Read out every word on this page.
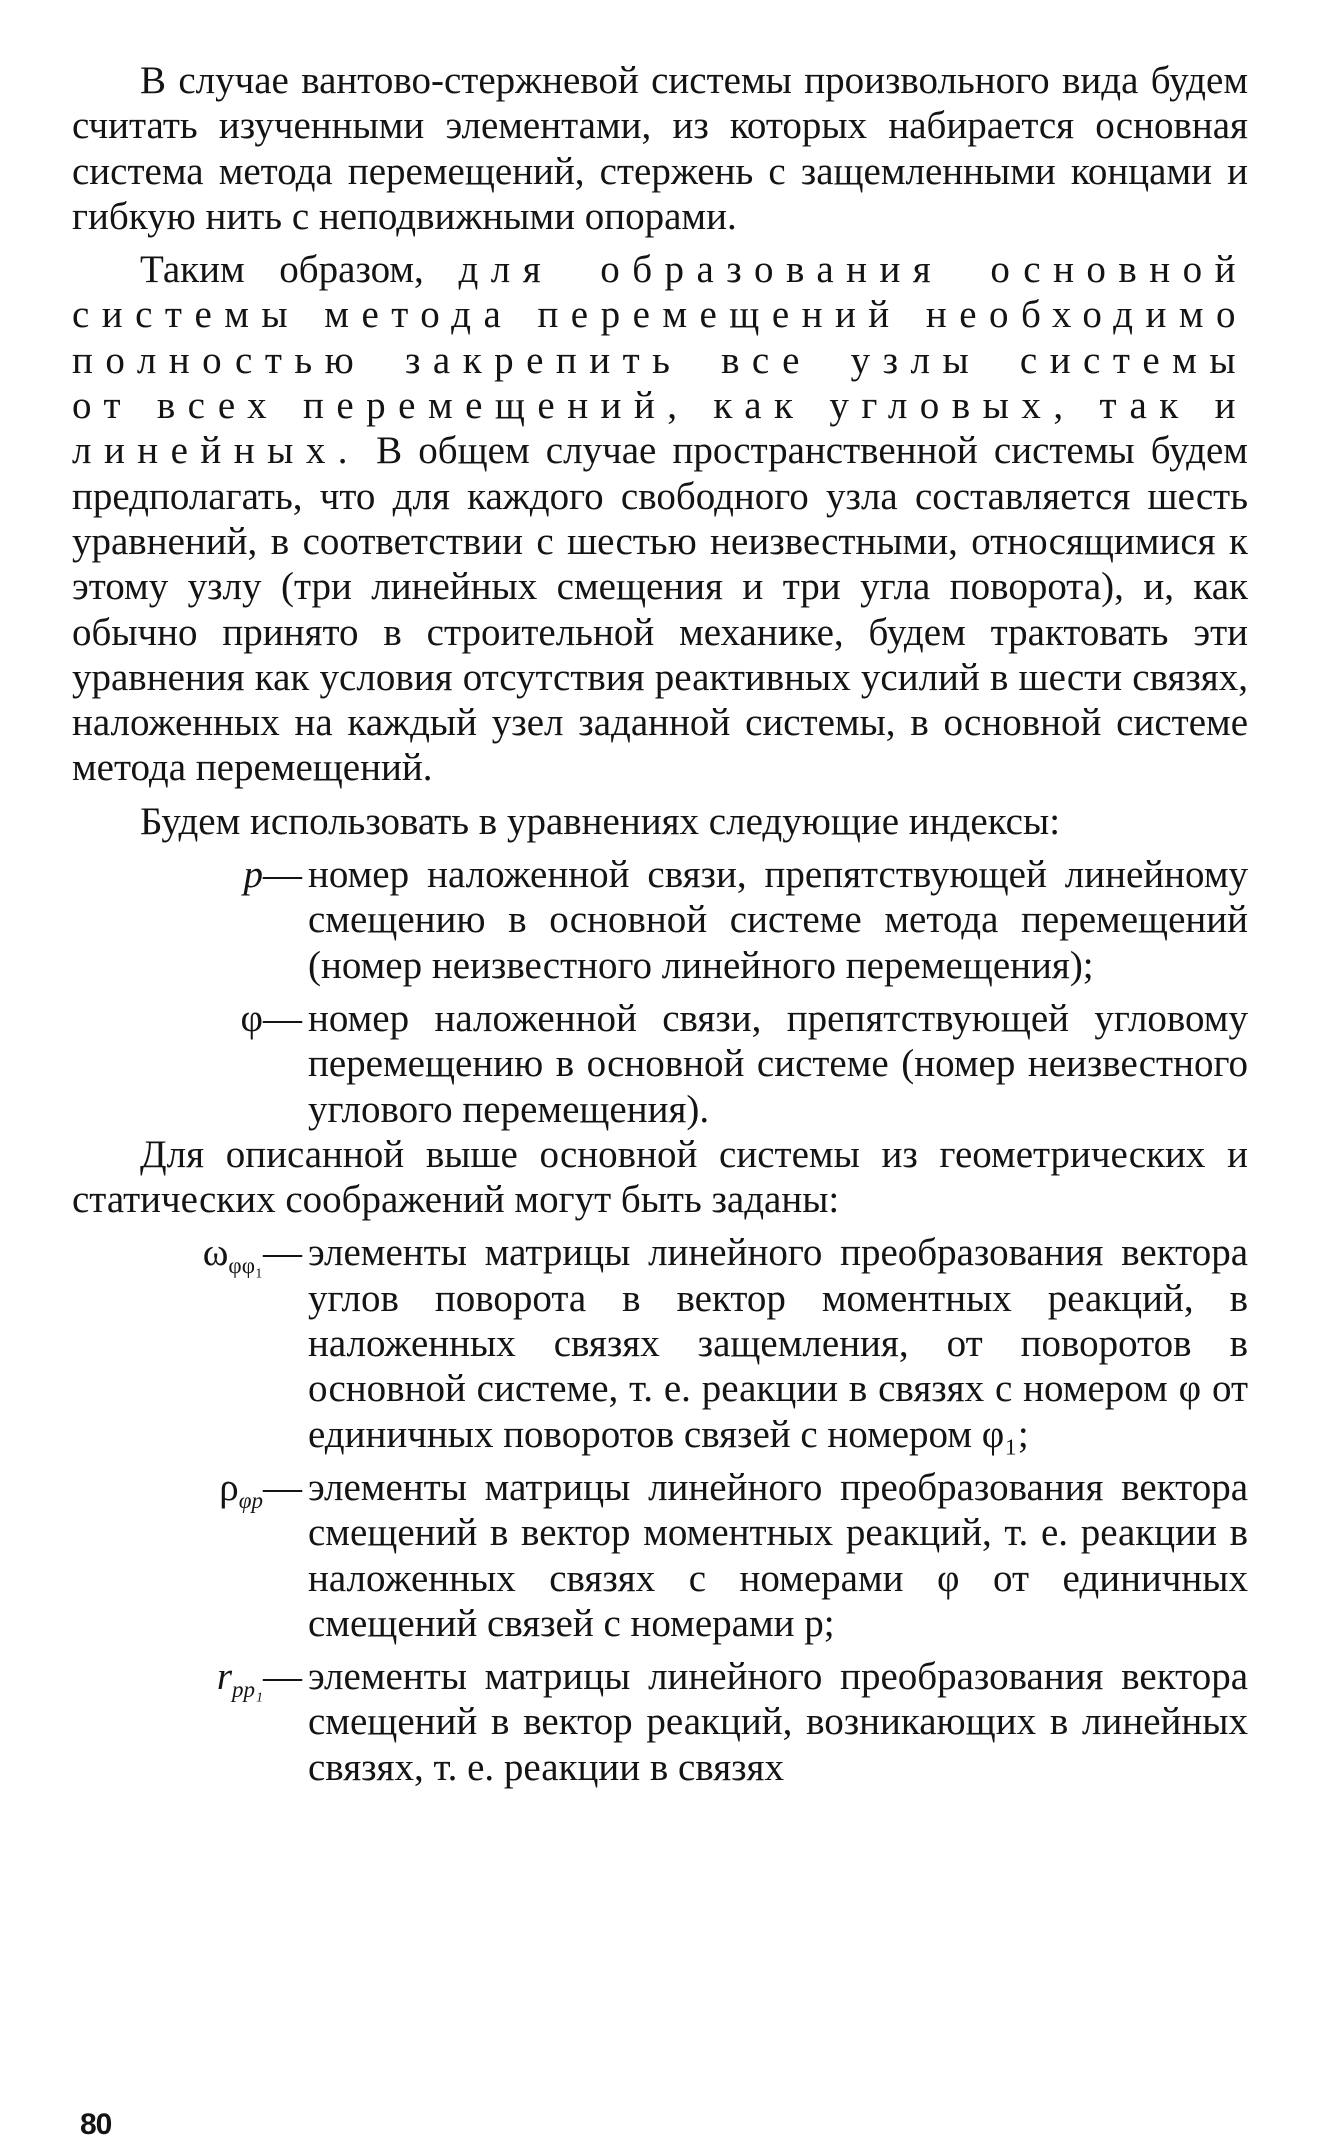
В случае вантово-стержневой системы произвольного вида будем считать изученными элементами, из которых набирается основная система метода перемещений, стержень с защемленными концами и гибкую нить с неподвижными опорами.

Таким образом, для образования основной системы метода перемещений необходимо полностью закрепить все узлы системы от всех перемещений, как угловых, так и линейных. В общем случае пространственной системы будем предполагать, что для каждого свободного узла составляется шесть уравнений, в соответствии с шестью неизвестными, относящимися к этому узлу (три линейных смещения и три угла поворота), и, как обычно принято в строительной механике, будем трактовать эти уравнения как условия отсутствия реактивных усилий в шести связях, наложенных на каждый узел заданной системы, в основной системе метода перемещений.

Будем использовать в уравнениях следующие индексы:

p — номер наложенной связи, препятствующей линейному смещению в основной системе метода перемещений (номер неизвестного линейного перемещения);
φ — номер наложенной связи, препятствующей угловому перемещению в основной системе (номер неизвестного углового перемещения).

Для описанной выше основной системы из геометрических и статических соображений могут быть заданы:

$\omega_{\varphi\varphi_1}$ — элементы матрицы линейного преобразования вектора углов поворота в вектор моментных реакций, в наложенных связях защемления, от поворотов в основной системе, т. е. реакции в связях с номером φ от единичных поворотов связей с номером φ₁;
$\rho_{\varphi p}$ — элементы матрицы линейного преобразования вектора смещений в вектор моментных реакций, т. е. реакции в наложенных связях с номерами φ от единичных смещений связей с номерами p;
$r_{pp_1}$ — элементы матрицы линейного преобразования вектора смещений в вектор реакций, возникающих в линейных связях, т. е. реакции в связях
80
